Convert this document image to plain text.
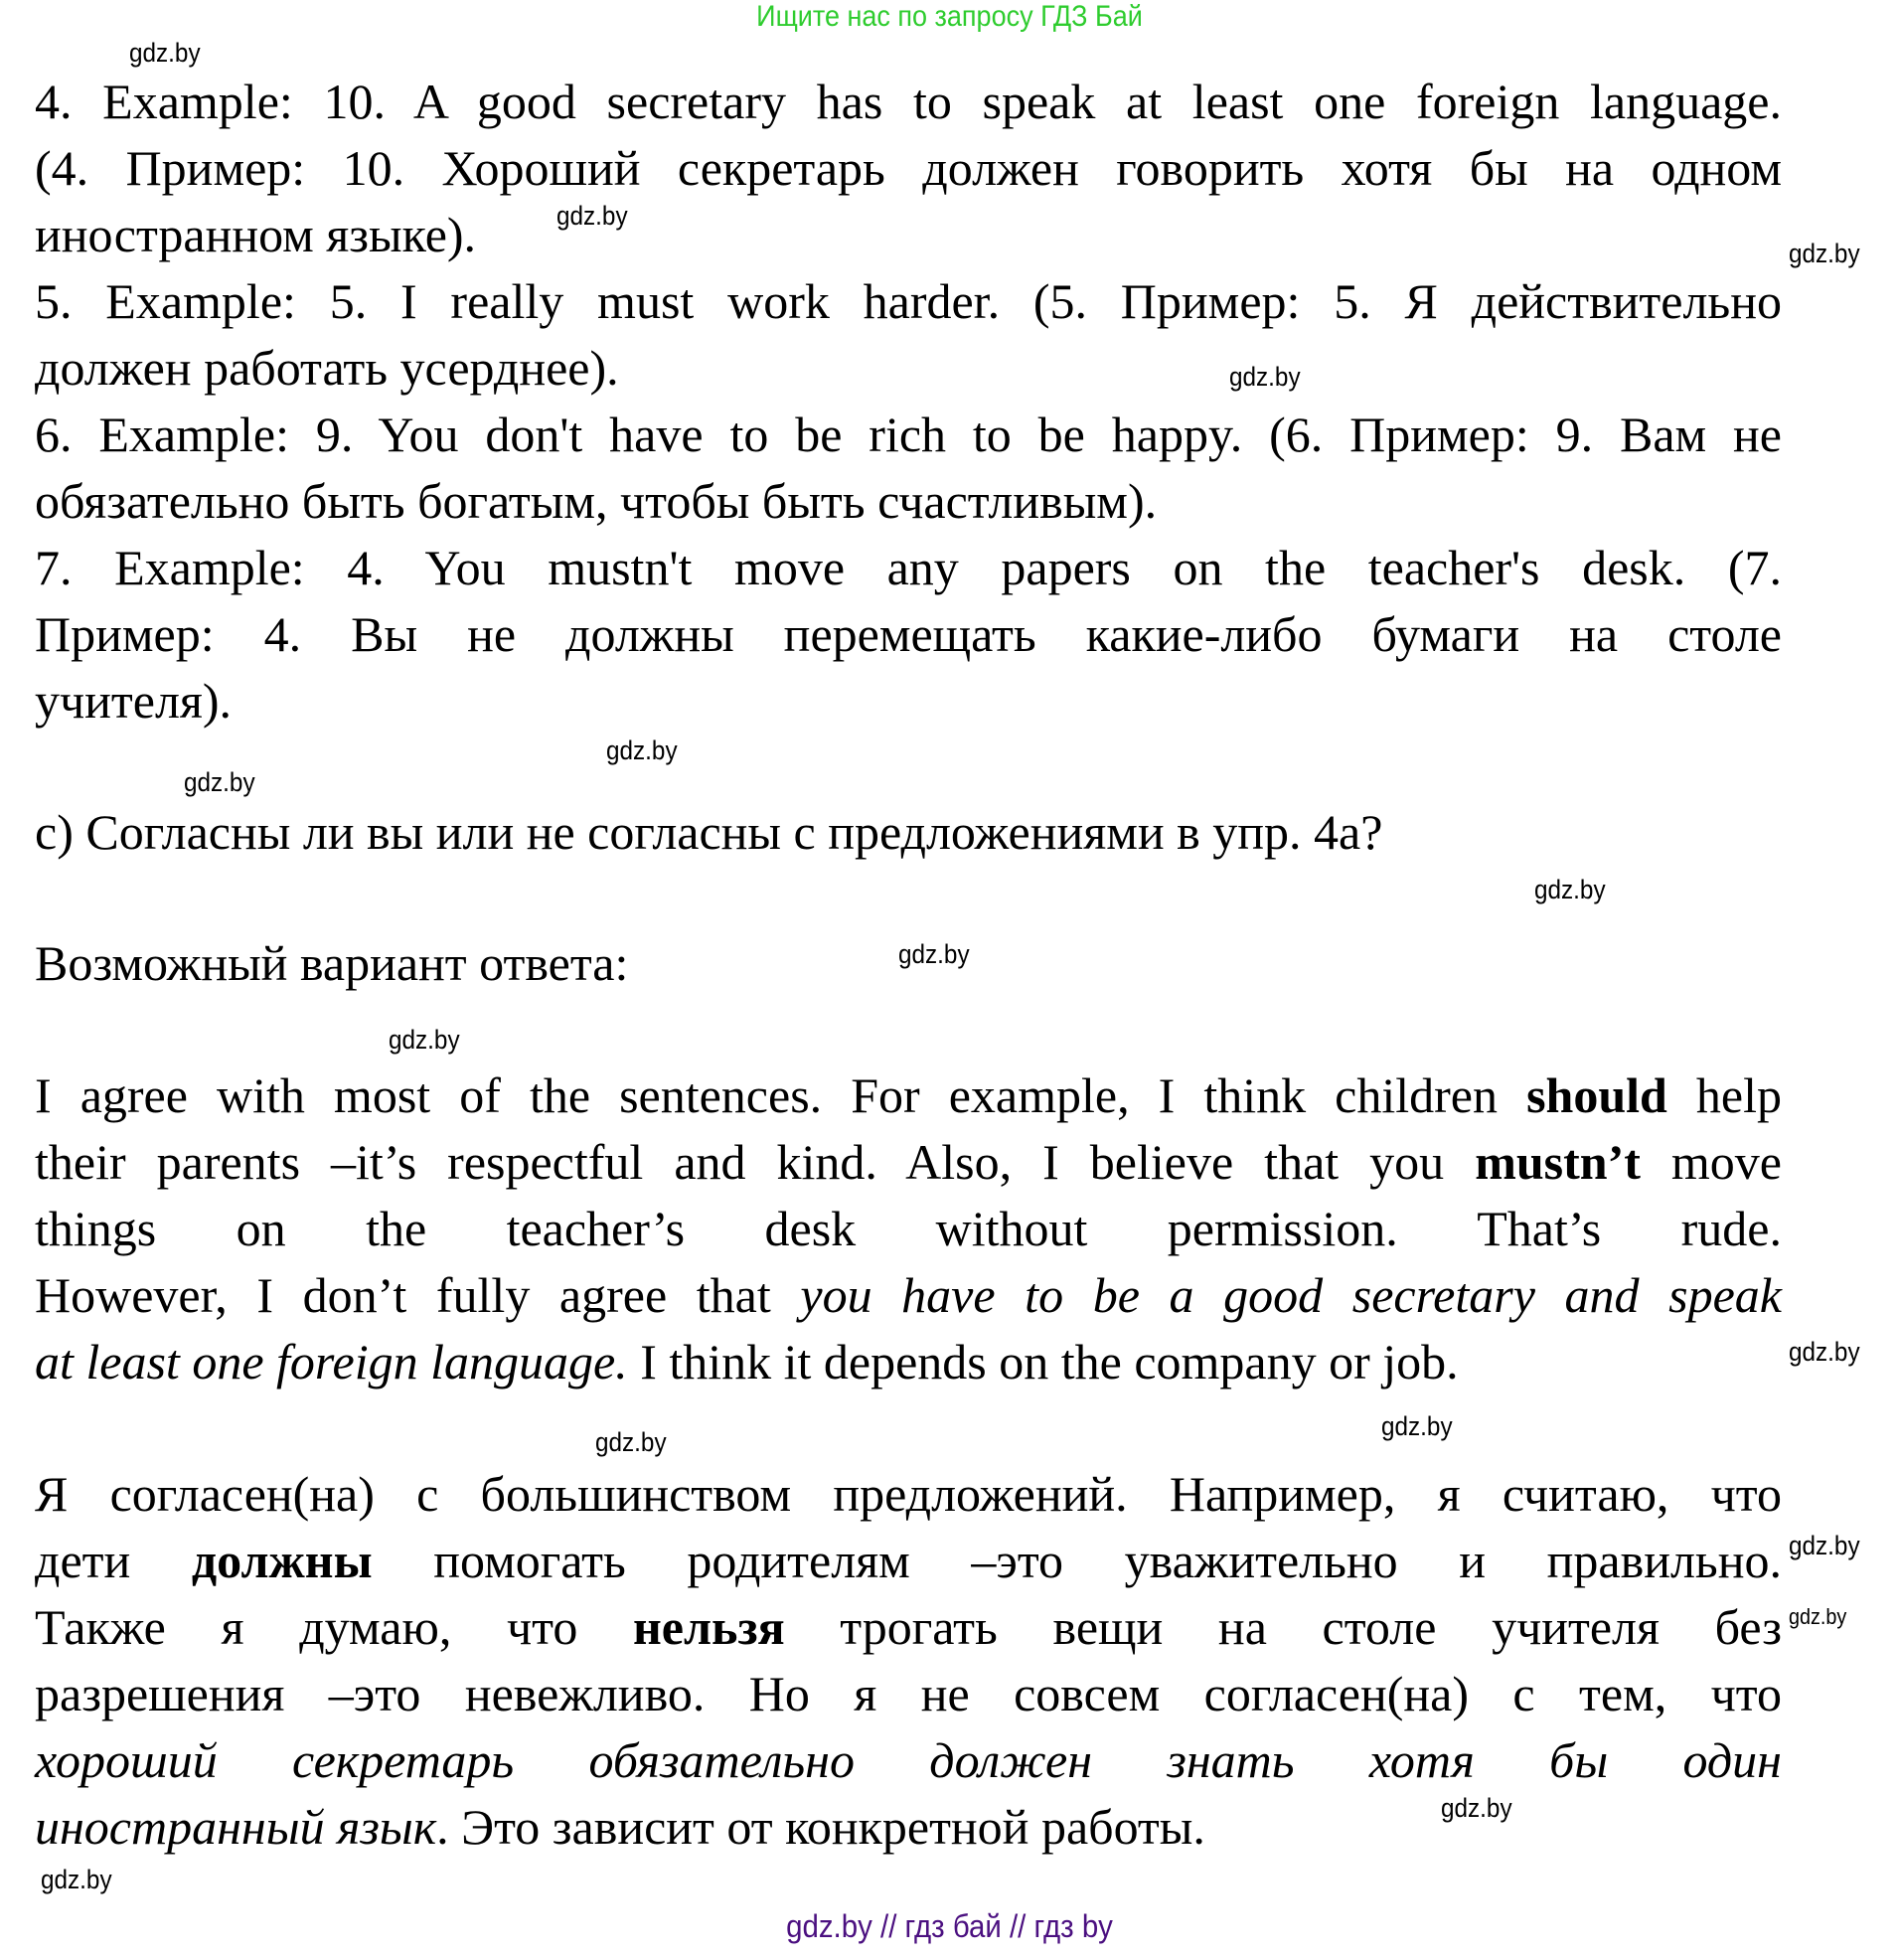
Ищите нас по запросу ГДЗ Бай
4. Example: 10. A good secretary has to speak at least one foreign language.
(4. Пример: 10. Хороший секретарь должен говорить хотя бы на одном
иностранном языке).
5. Example: 5. I really must work harder. (5. Пример: 5. Я действительно
должен работать усерднее).
6. Example: 9. You don't have to be rich to be happy. (6. Пример: 9. Вам не
обязательно быть богатым, чтобы быть счастливым).
7. Example: 4. You mustn't move any papers on the teacher's desk. (7.
Пример: 4. Вы не должны перемещать какие-либо бумаги на столе
учителя).
c) Согласны ли вы или не согласны с предложениями в упр. 4a?
Возможный вариант ответа:
I agree with most of the sentences. For example, I think children should help
their parents –it’s respectful and kind. Also, I believe that you mustn’t move
things on the teacher’s desk without permission. That’s rude.
However, I don’t fully agree that you have to be a good secretary and speak
at least one foreign language. I think it depends on the company or job.
Я согласен(на) с большинством предложений. Например, я считаю, что
дети должны помогать родителям –это уважительно и правильно.
Также я думаю, что нельзя трогать вещи на столе учителя без
разрешения –это невежливо. Но я не совсем согласен(на) с тем, что
хороший секретарь обязательно должен знать хотя бы один
иностранный язык. Это зависит от конкретной работы.
gdz.by
gdz.by
gdz.by
gdz.by
gdz.by
gdz.by
gdz.by
gdz.by
gdz.by
gdz.by
gdz.by
gdz.by
gdz.by
gdz.by
gdz.by
gdz.by
gdz.by // гдз бай // гдз by
